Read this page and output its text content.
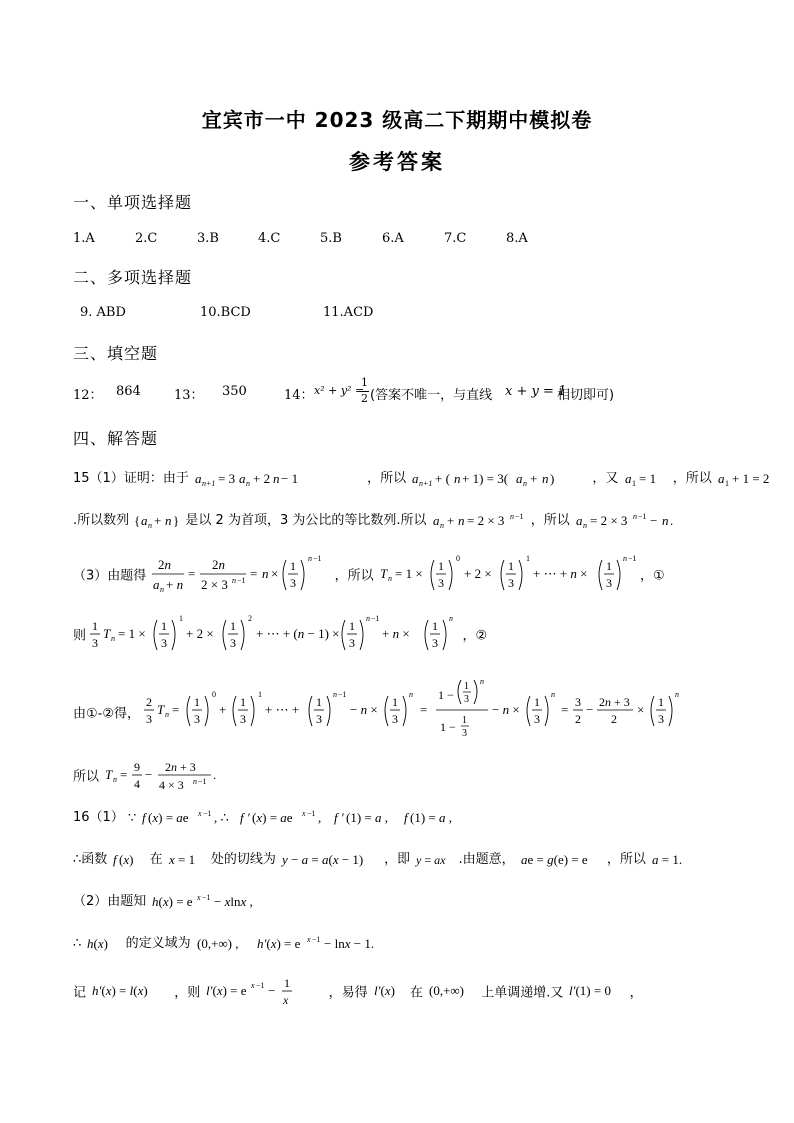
宜宾市一中 2023 级高二下期期中模拟卷
参考答案
一、单项选择题
1.A	2.C	3.B	4.C	5.B	6.A	7.C	8.A
二、多项选择题
9. ABD	10.BCD	11.ACD
三、填空题
12： 864	13： 350	14： x² + y² =
1
2 (答案不唯一，与直线 x + y = 1
相切即可)
四、解答题
15（1）证明：由于 a n+1 = 3 a n + 2 n − 1	，所以 a n+1 + ( n + 1) = 3( a n + n )	，又 a 1 = 1 ，所以 a 1 + 1 = 2
.所以数列 { a n + n } 是以 2 为首项，3 为公比的等比数列.所以 a n + n = 2 × 3 n −1 ，所以 a n = 2 × 3 n −1 − n .
（3）由题得
2n
a n + n
=
2n
2 × 3 n −1 = n × 1
3
n −1
，所以 T n = 1 × 1
3
0
+ 2 × 1
3
1
+ ⋯ + n ×
1
3
n −1
，①
则
1
3
T n = 1 × 1
3
1
+ 2 × 1
3
2
+ ⋯ + (n − 1) × 1
3
n −1
+ n ×
1
3
n
，②
由①-②得，
2
3
T n = 1
3
0
+ 1
3
1
+ ⋯ + 1
3
n −1
− n × 1
3
n
=
1 −
1
3
n
1 − 1
3
− n × 1
3
n
= 3
2
− 2n + 3
2
× 1
3
n
所以 T n = 9
4
− 2n + 3
4 × 3 n −1 .
16（1） ∵ f (x) = ae x −1 , ∴ f ′ (x) = ae x −1 , f ′ (1) = a , f (1) = a ,
∴函数 f (x) 在 x = 1 处的切线为 y − a = a(x − 1) ，即 y = ax .由题意， ae = g(e) = e ，所以 a = 1.
（2）由题知 h(x) = e x −1 − xlnx ,
∴ h(x) 的定义域为 (0,+∞) , h′(x) = e x −1 − lnx − 1.
记 h′(x) = l(x) ，则 l′(x) = e x −1 − 1
x	，易得 l′(x) 在 (0,+∞) 上单调递增.又 l′(1) = 0 ，
